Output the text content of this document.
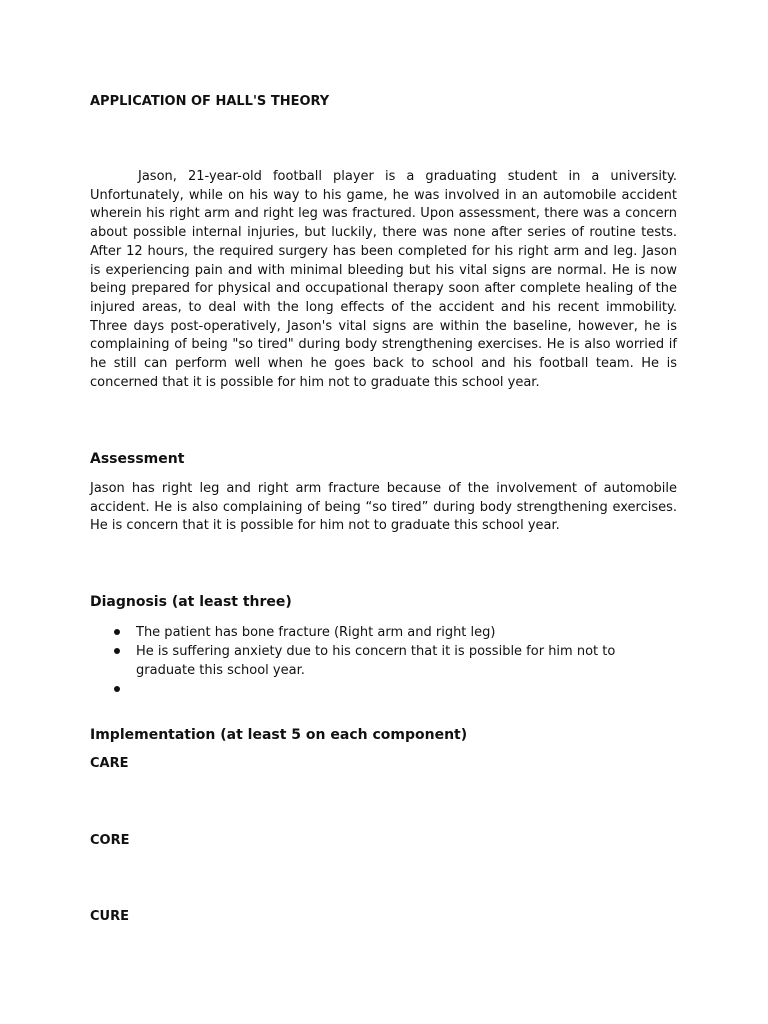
APPLICATION OF HALL'S THEORY

Jason, 21-year-old football player is a graduating student in a university. Unfortunately, while on his way to his game, he was involved in an automobile accident wherein his right arm and right leg was fractured. Upon assessment, there was a concern about possible internal injuries, but luckily, there was none after series of routine tests. After 12 hours, the required surgery has been completed for his right arm and leg. Jason is experiencing pain and with minimal bleeding but his vital signs are normal. He is now being prepared for physical and occupational therapy soon after complete healing of the injured areas, to deal with the long effects of the accident and his recent immobility. Three days post-operatively, Jason's vital signs are within the baseline, however, he is complaining of being "so tired" during body strengthening exercises. He is also worried if he still can perform well when he goes back to school and his football team. He is concerned that it is possible for him not to graduate this school year.

Assessment

Jason has right leg and right arm fracture because of the involvement of automobile accident. He is also complaining of being “so tired” during body strengthening exercises. He is concern that it is possible for him not to graduate this school year.

Diagnosis (at least three)
The patient has bone fracture (Right arm and right leg)
He is suffering anxiety due to his concern that it is possible for him not to graduate this school year.
Implementation (at least 5 on each component)
CARE
CORE
CURE
